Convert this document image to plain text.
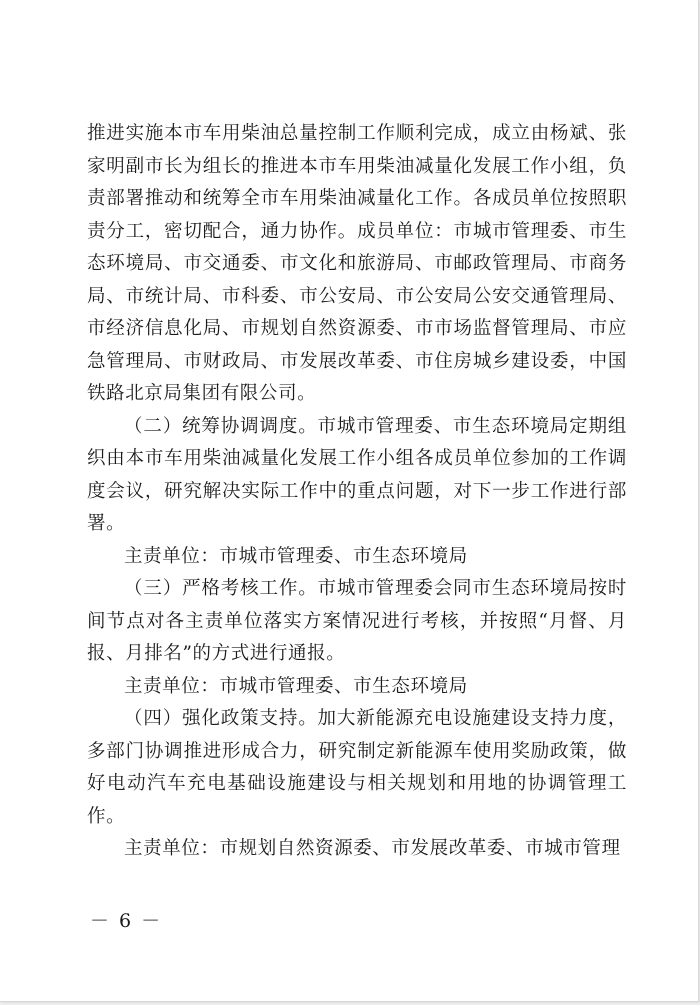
推进实施本市车用柴油总量控制工作顺利完成，成立由杨斌、张家明副市长为组长的推进本市车用柴油减量化发展工作小组，负责部署推动和统筹全市车用柴油减量化工作。各成员单位按照职责分工，密切配合，通力协作。成员单位：市城市管理委、市生态环境局、市交通委、市文化和旅游局、市邮政管理局、市商务局、市统计局、市科委、市公安局、市公安局公安交通管理局、市经济信息化局、市规划自然资源委、市市场监督管理局、市应急管理局、市财政局、市发展改革委、市住房城乡建设委，中国铁路北京局集团有限公司。

（二）统筹协调调度。市城市管理委、市生态环境局定期组织由本市车用柴油减量化发展工作小组各成员单位参加的工作调度会议，研究解决实际工作中的重点问题，对下一步工作进行部署。

主责单位：市城市管理委、市生态环境局

（三）严格考核工作。市城市管理委会同市生态环境局按时间节点对各主责单位落实方案情况进行考核，并按照“月督、月报、月排名”的方式进行通报。

主责单位：市城市管理委、市生态环境局

（四）强化政策支持。加大新能源充电设施建设支持力度，多部门协调推进形成合力，研究制定新能源车使用奖励政策，做好电动汽车充电基础设施建设与相关规划和用地的协调管理工作。

主责单位：市规划自然资源委、市发展改革委、市城市管理

－ 6 －
